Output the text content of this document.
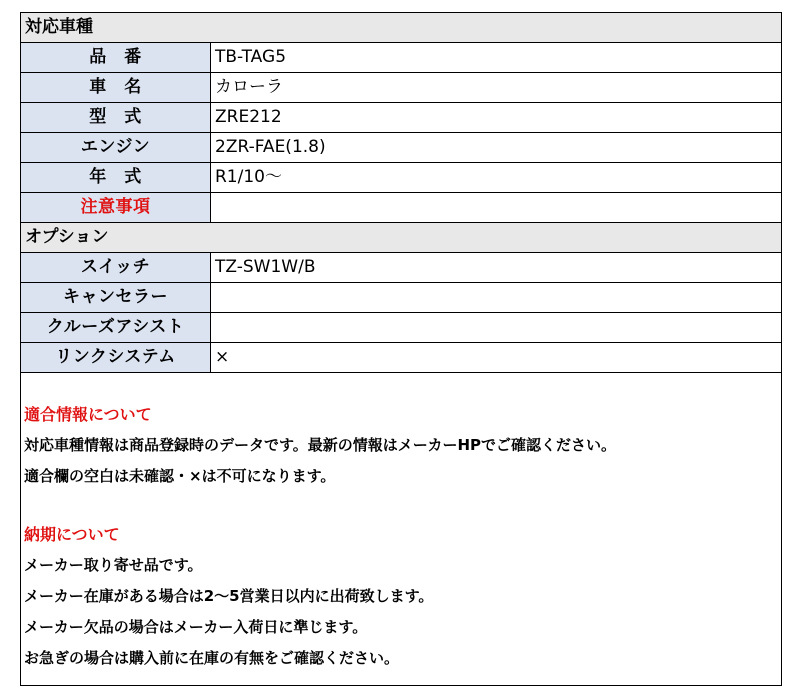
対応車種	
品　番	TB-TAG5
車　名	カローラ
型　式	ZRE212
エンジン	2ZR-FAE(1.8)
年　式	R1/10〜
注意事項	
オプション	
スイッチ	TZ-SW1W/B
キャンセラー	
クルーズアシスト	
リンクシステム	×
適合情報について
対応車種情報は商品登録時のデータです。最新の情報はメーカーHPでご確認ください。
適合欄の空白は未確認・×は不可になります。
納期について
メーカー取り寄せ品です。
メーカー在庫がある場合は2〜5営業日以内に出荷致します。
メーカー欠品の場合はメーカー入荷日に準じます。
お急ぎの場合は購入前に在庫の有無をご確認ください。
